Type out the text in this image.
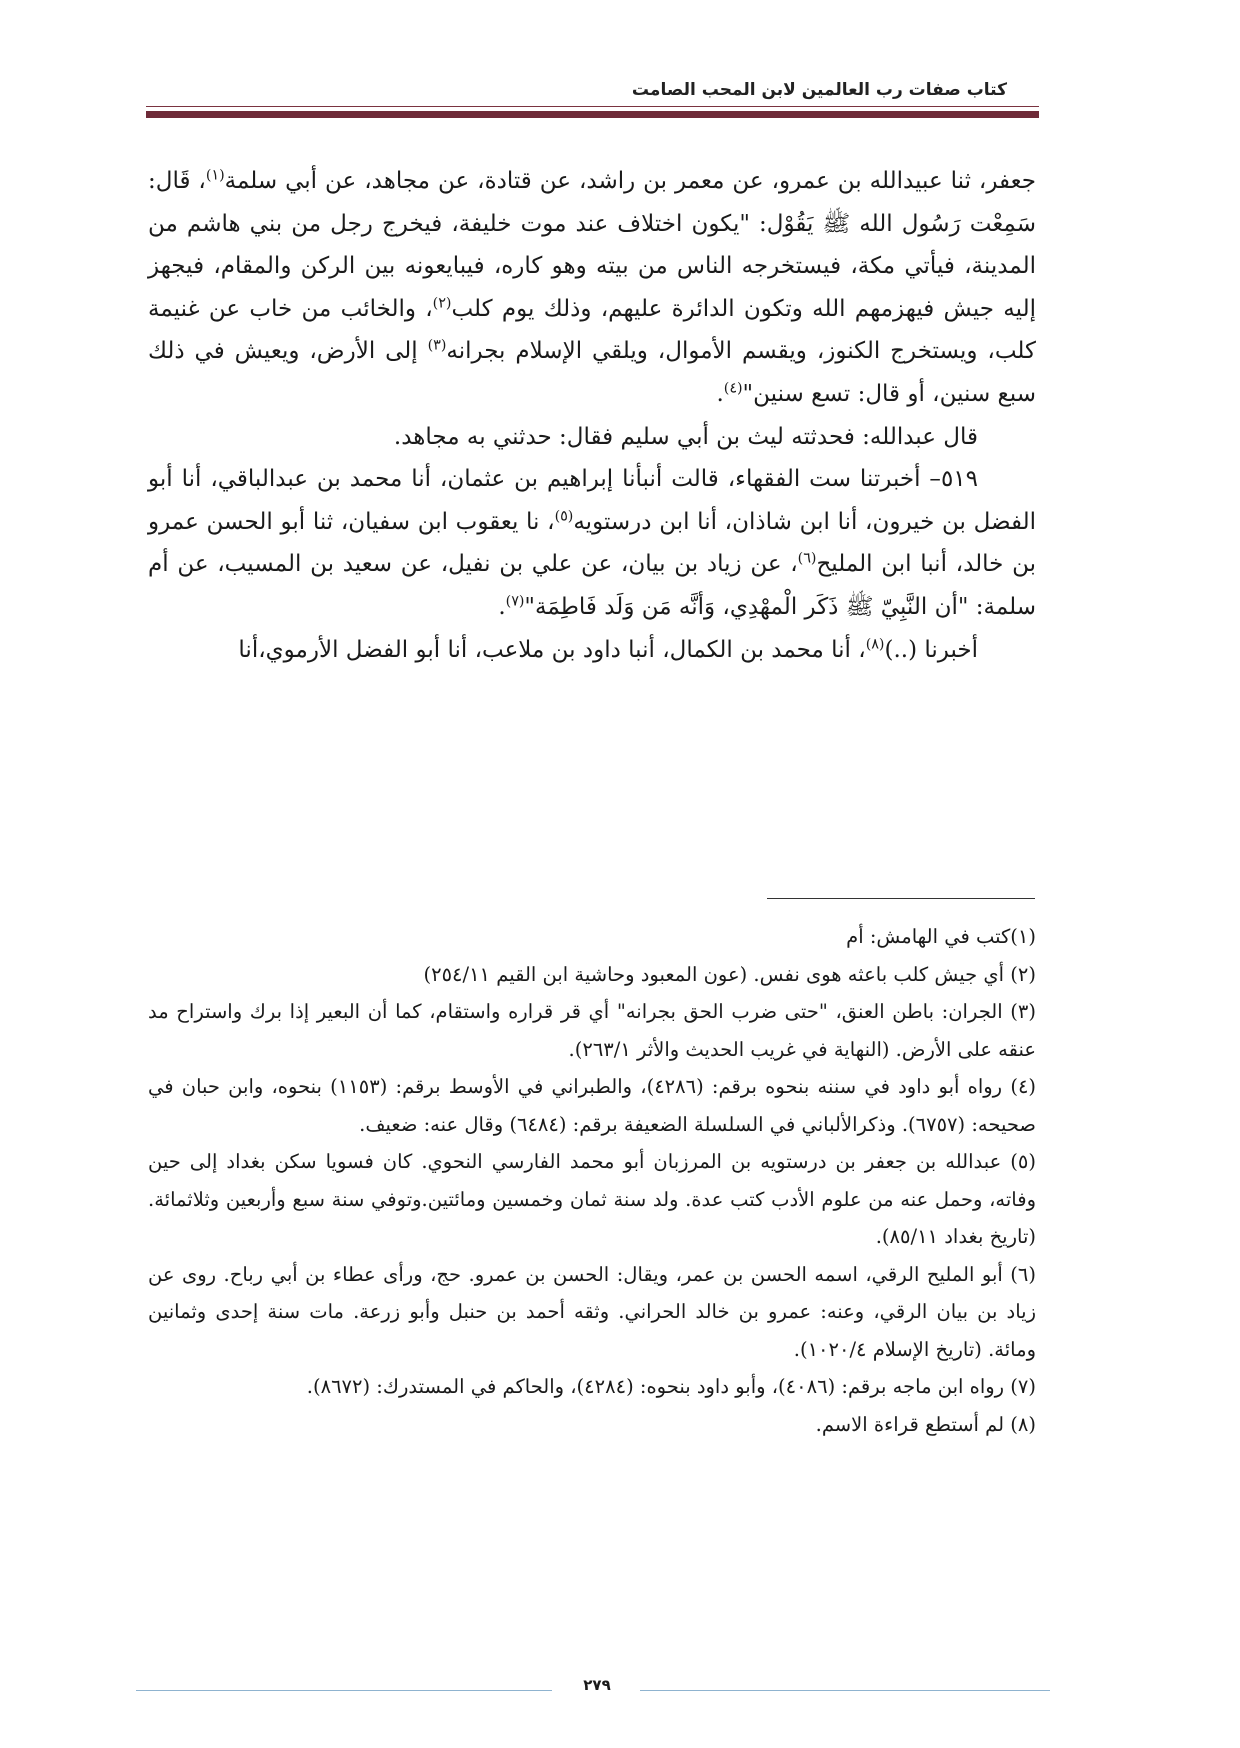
كتاب صفات رب العالمين لابن المحب الصامت

جعفر، ثنا عبيدالله بن عمرو، عن معمر بن راشد، عن قتادة، عن مجاهد، عن أبي سلمة$^{(١)}$، قَال: سَمِعْت رَسُول الله ﷺ يَقُوْل: "يكون اختلاف عند موت خليفة، فيخرج رجل من بني هاشم من المدينة، فيأتي مكة، فيستخرجه الناس من بيته وهو كاره، فيبايعونه بين الركن والمقام، فيجهز إليه جيش فيهزمهم الله وتكون الدائرة عليهم، وذلك يوم كلب$^{(٢)}$، والخائب من خاب عن غنيمة كلب، ويستخرج الكنوز، ويقسم الأموال، ويلقي الإسلام بجرانه$^{(٣)}$ إلى الأرض، ويعيش في ذلك سبع سنين، أو قال: تسع سنين"$^{(٤)}$.

قال عبدالله: فحدثته ليث بن أبي سليم فقال: حدثني به مجاهد.

٥١٩– أخبرتنا ست الفقهاء، قالت أنبأنا إبراهيم بن عثمان، أنا محمد بن عبدالباقي، أنا أبو الفضل بن خيرون، أنا ابن شاذان، أنا ابن درستويه$^{(٥)}$، نا يعقوب ابن سفيان، ثنا أبو الحسن عمرو بن خالد، أنبا ابن المليح$^{(٦)}$، عن زياد بن بيان، عن علي بن نفيل، عن سعيد بن المسيب، عن أم سلمة: "أن النَّبِيّ ﷺ ذَكَر الْمهْدِي، وَأنَّه مَن وَلَد فَاطِمَة"$^{(٧)}$.

أخبرنا (..)$^{(٨)}$، أنا محمد بن الكمال، أنبا داود بن ملاعب، أنا أبو الفضل الأرموي،أنا

(١)كتب في الهامش: أم

(٢) أي جيش كلب باعثه هوى نفس. (عون المعبود وحاشية ابن القيم ٢٥٤/١١)

(٣) الجران: باطن العنق، "حتى ضرب الحق بجرانه" أي قر قراره واستقام، كما أن البعير إذا برك واستراح مد عنقه على الأرض. (النهاية في غريب الحديث والأثر ٢٦٣/١).

(٤) رواه أبو داود في سننه بنحوه برقم: (٤٢٨٦)، والطبراني في الأوسط برقم: (١١٥٣) بنحوه، وابن حبان في صحيحه: (٦٧٥٧). وذكرالألباني في السلسلة الضعيفة برقم: (٦٤٨٤) وقال عنه: ضعيف.

(٥) عبدالله بن جعفر بن درستويه بن المرزبان أبو محمد الفارسي النحوي. كان فسويا سكن بغداد إلى حين وفاته، وحمل عنه من علوم الأدب كتب عدة. ولد سنة ثمان وخمسين ومائتين.وتوفي سنة سبع وأربعين وثلاثمائة. (تاريخ بغداد ٨٥/١١).

(٦) أبو المليح الرقي، اسمه الحسن بن عمر، ويقال: الحسن بن عمرو. حج، ورأى عطاء بن أبي رباح. روى عن زياد بن بيان الرقي، وعنه: عمرو بن خالد الحراني. وثقه أحمد بن حنبل وأبو زرعة. مات سنة إحدى وثمانين ومائة. (تاريخ الإسلام ١٠٢٠/٤).

(٧) رواه ابن ماجه برقم: (٤٠٨٦)، وأبو داود بنحوه: (٤٢٨٤)، والحاكم في المستدرك: (٨٦٧٢).

(٨) لم أستطع قراءة الاسم.

٢٧٩
